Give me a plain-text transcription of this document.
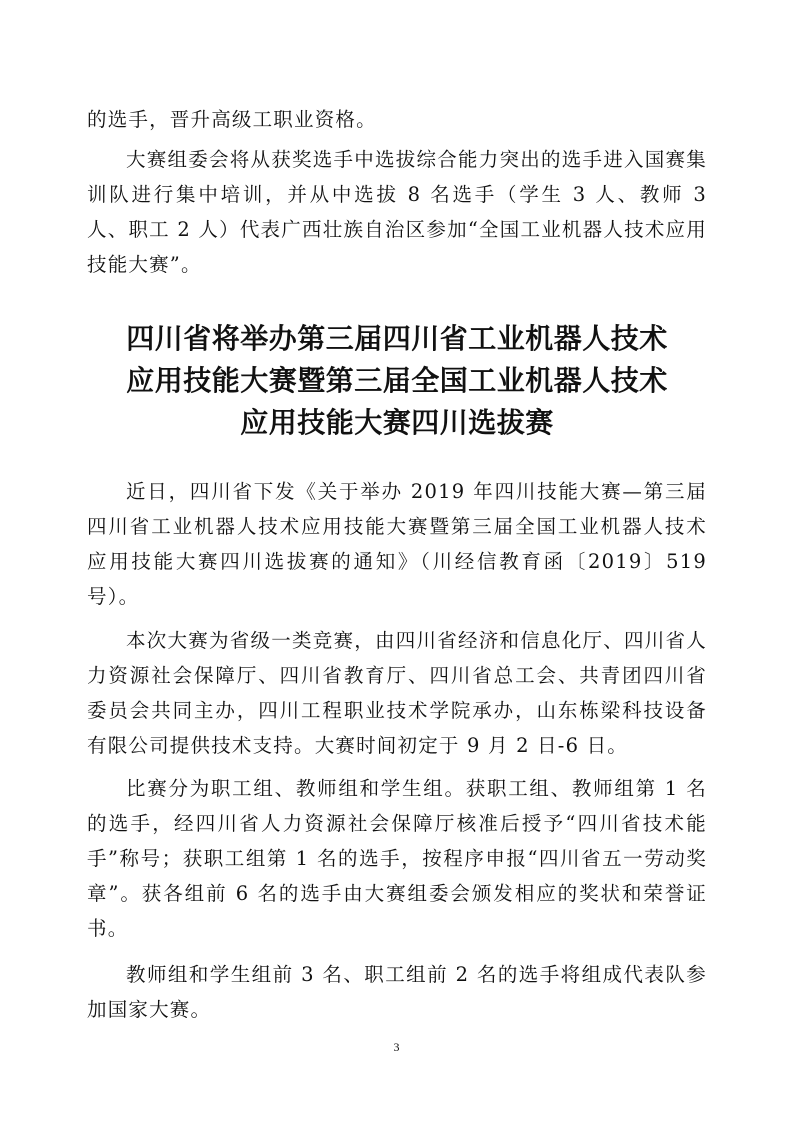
的选手，晋升高级工职业资格。

大赛组委会将从获奖选手中选拔综合能力突出的选手进入国赛集训队进行集中培训，并从中选拔 8 名选手（学生 3 人、教师 3 人、职工 2 人）代表广西壮族自治区参加“全国工业机器人技术应用技能大赛”。

四川省将举办第三届四川省工业机器人技术
应用技能大赛暨第三届全国工业机器人技术
应用技能大赛四川选拔赛

近日，四川省下发《关于举办 2019 年四川技能大赛—第三届四川省工业机器人技术应用技能大赛暨第三届全国工业机器人技术应用技能大赛四川选拔赛的通知》（川经信教育函〔2019〕519 号）。

本次大赛为省级一类竞赛，由四川省经济和信息化厅、四川省人力资源社会保障厅、四川省教育厅、四川省总工会、共青团四川省委员会共同主办，四川工程职业技术学院承办，山东栋梁科技设备有限公司提供技术支持。大赛时间初定于 9 月 2 日-6 日。

比赛分为职工组、教师组和学生组。获职工组、教师组第 1 名的选手，经四川省人力资源社会保障厅核准后授予“四川省技术能手”称号；获职工组第 1 名的选手，按程序申报“四川省五一劳动奖章”。获各组前 6 名的选手由大赛组委会颁发相应的奖状和荣誉证书。

教师组和学生组前 3 名、职工组前 2 名的选手将组成代表队参加国家大赛。

3
